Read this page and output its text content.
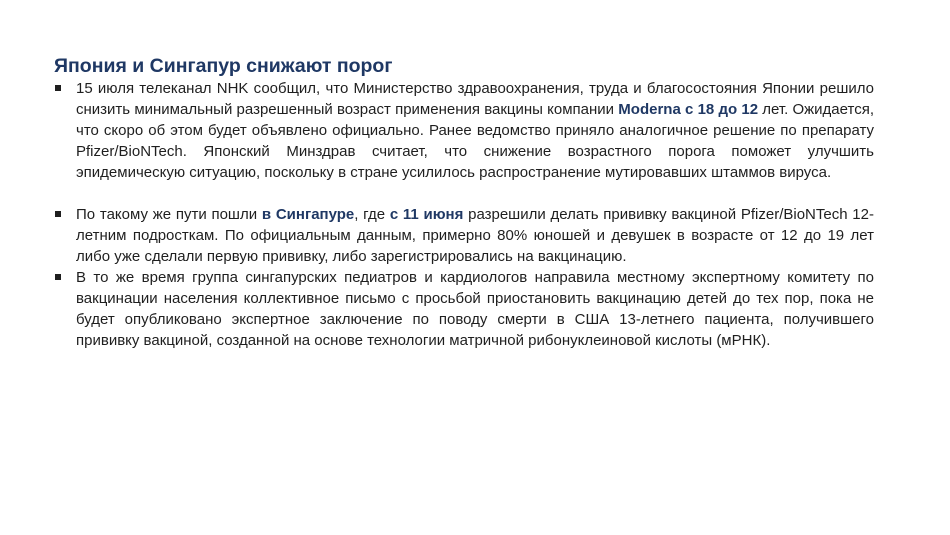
Япония и Сингапур снижают порог
15 июля телеканал NHK сообщил, что Министерство здравоохранения, труда и благосостояния Японии решило снизить минимальный разрешенный возраст применения вакцины компании Moderna с 18 до 12 лет. Ожидается, что скоро об этом будет объявлено официально. Ранее ведомство приняло аналогичное решение по препарату Pfizer/BioNTech. Японский Минздрав считает, что снижение возрастного порога поможет улучшить эпидемическую ситуацию, поскольку в стране усилилось распространение мутировавших штаммов вируса.
По такому же пути пошли в Сингапуре, где с 11 июня разрешили делать прививку вакциной Pfizer/BioNTech 12-летним подросткам. По официальным данным, примерно 80% юношей и девушек в возрасте от 12 до 19 лет либо уже сделали первую прививку, либо зарегистрировались на вакцинацию.
В то же время группа сингапурских педиатров и кардиологов направила местному экспертному комитету по вакцинации населения коллективное письмо с просьбой приостановить вакцинацию детей до тех пор, пока не будет опубликовано экспертное заключение по поводу смерти в США 13-летнего пациента, получившего прививку вакциной, созданной на основе технологии матричной рибонуклеиновой кислоты (мРНК).
